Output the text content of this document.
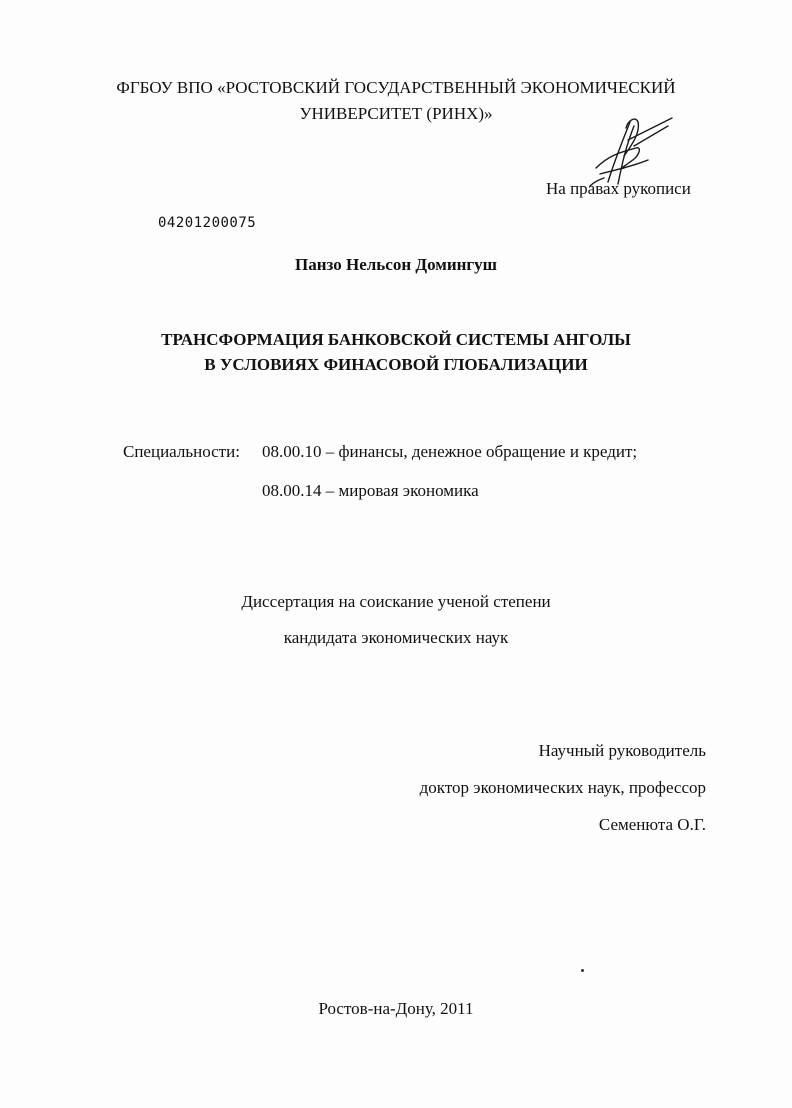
ФГБОУ ВПО «РОСТОВСКИЙ ГОСУДАРСТВЕННЫЙ ЭКОНОМИЧЕСКИЙ
УНИВЕРСИТЕТ (РИНХ)»
На правах рукописи
04201200075
Панзо Нельсон Домингуш
ТРАНСФОРМАЦИЯ БАНКОВСКОЙ СИСТЕМЫ АНГОЛЫ
В УСЛОВИЯХ ФИНАСОВОЙ ГЛОБАЛИЗАЦИИ
Специальности: 08.00.10 – финансы, денежное обращение и кредит;
08.00.14 – мировая экономика
Диссертация на соискание ученой степени
кандидата экономических наук
Научный руководитель
доктор экономических наук, профессор
Семенюта О.Г.
Ростов-на-Дону, 2011
